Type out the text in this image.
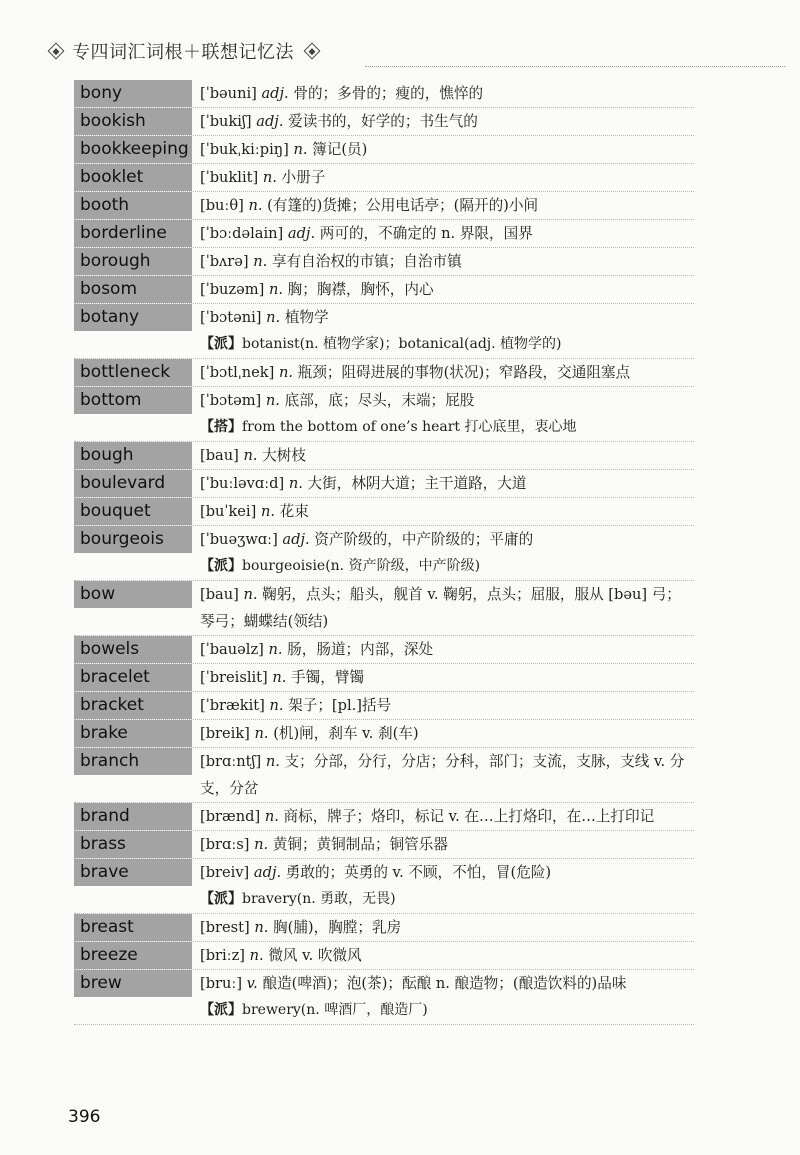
专四词汇词根＋联想记忆法
bony	[ˈbəuni] adj. 骨的；多骨的；瘦的，憔悴的
bookish	[ˈbukiʃ] adj. 爱读书的，好学的；书生气的
bookkeeping [ˈbukˌkiːpiŋ] n. 簿记(员)
booklet	[ˈbuklit] n. 小册子
booth	[buːθ] n. (有篷的)货摊；公用电话亭；(隔开的)小间
borderline	[ˈbɔːdəlain] adj. 两可的，不确定的 n. 界限，国界
borough	[ˈbʌrə] n. 享有自治权的市镇；自治市镇
bosom	[ˈbuzəm] n. 胸；胸襟，胸怀，内心
botany	[ˈbɔtəni] n. 植物学
【派】botanist(n. 植物学家)；botanical(adj. 植物学的)
bottleneck	[ˈbɔtlˌnek] n. 瓶颈；阻碍进展的事物(状况)；窄路段，交通阻塞点
bottom	[ˈbɔtəm] n. 底部，底；尽头，末端；屁股
【搭】from the bottom of one’s heart 打心底里，衷心地
bough	[bau] n. 大树枝
boulevard	[ˈbuːləvɑːd] n. 大街，林阴大道；主干道路，大道
bouquet	[buˈkei] n. 花束
bourgeois	[ˈbuəʒwɑː] adj. 资产阶级的，中产阶级的；平庸的
【派】bourgeoisie(n. 资产阶级，中产阶级)
bow	[bau] n. 鞠躬，点头；船头，舰首 v. 鞠躬，点头；屈服，服从 [bəu] 弓；琴弓；蝴蝶结(领结)
bowels	[ˈbauəlz] n. 肠，肠道；内部，深处
bracelet	[ˈbreislit] n. 手镯，臂镯
bracket	[ˈbrækit] n. 架子；[pl.]括号
brake	[breik] n. (机)闸，刹车 v. 刹(车)
branch	[brɑːntʃ] n. 支；分部，分行，分店；分科，部门；支流，支脉，支线 v. 分支，分岔
brand	[brænd] n. 商标，牌子；烙印，标记 v. 在…上打烙印，在…上打印记
brass	[brɑːs] n. 黄铜；黄铜制品；铜管乐器
brave	[breiv] adj. 勇敢的；英勇的 v. 不顾，不怕，冒(危险)
【派】bravery(n. 勇敢，无畏)
breast	[brest] n. 胸(脯)，胸膛；乳房
breeze	[briːz] n. 微风 v. 吹微风
brew	[bruː] v. 酿造(啤酒)；泡(茶)；酝酿 n. 酿造物；(酿造饮料的)品味
【派】brewery(n. 啤酒厂，酿造厂)
396
